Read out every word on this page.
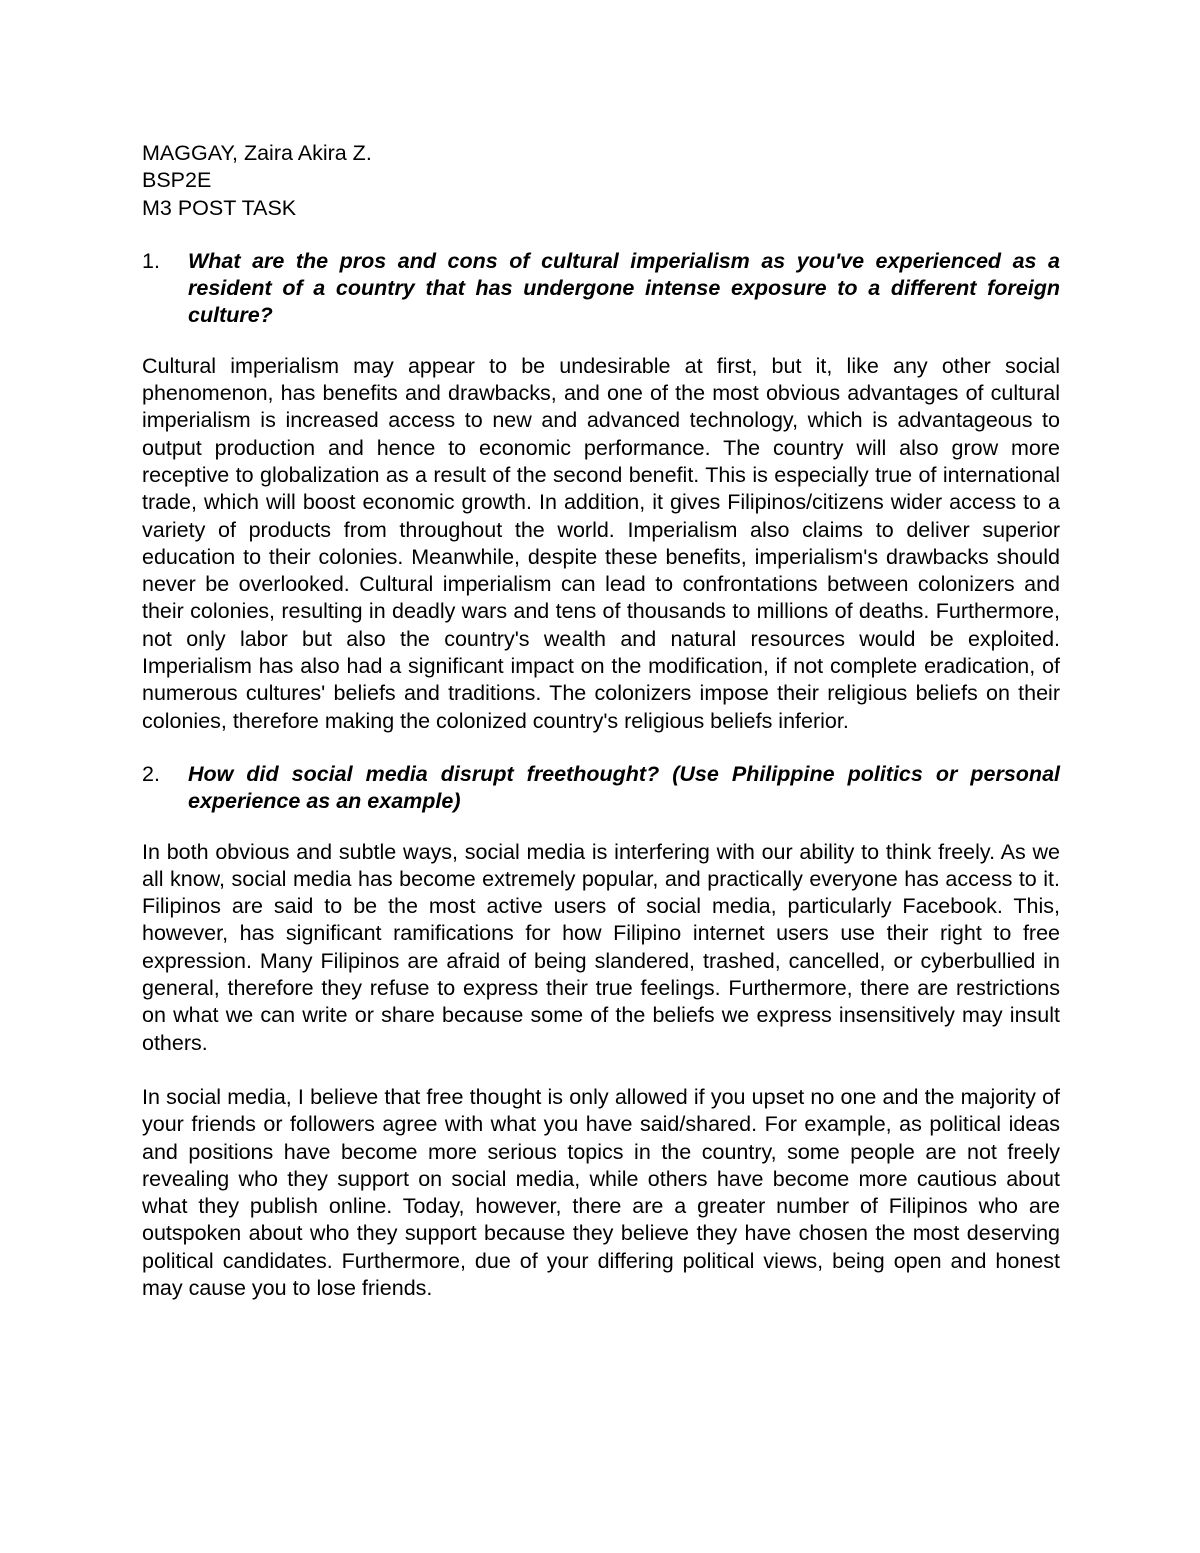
MAGGAY, Zaira Akira Z.

BSP2E

M3 POST TASK

1. What are the pros and cons of cultural imperialism as you've experienced as a resident of a country that has undergone intense exposure to a different foreign culture?

Cultural imperialism may appear to be undesirable at first, but it, like any other social phenomenon, has benefits and drawbacks, and one of the most obvious advantages of cultural imperialism is increased access to new and advanced technology, which is advantageous to output production and hence to economic performance. The country will also grow more receptive to globalization as a result of the second benefit. This is especially true of international trade, which will boost economic growth. In addition, it gives Filipinos/citizens wider access to a variety of products from throughout the world. Imperialism also claims to deliver superior education to their colonies. Meanwhile, despite these benefits, imperialism's drawbacks should never be overlooked. Cultural imperialism can lead to confrontations between colonizers and their colonies, resulting in deadly wars and tens of thousands to millions of deaths. Furthermore, not only labor but also the country's wealth and natural resources would be exploited. Imperialism has also had a significant impact on the modification, if not complete eradication, of numerous cultures' beliefs and traditions. The colonizers impose their religious beliefs on their colonies, therefore making the colonized country's religious beliefs inferior.

2. How did social media disrupt freethought? (Use Philippine politics or personal experience as an example)

In both obvious and subtle ways, social media is interfering with our ability to think freely. As we all know, social media has become extremely popular, and practically everyone has access to it. Filipinos are said to be the most active users of social media, particularly Facebook. This, however, has significant ramifications for how Filipino internet users use their right to free expression. Many Filipinos are afraid of being slandered, trashed, cancelled, or cyberbullied in general, therefore they refuse to express their true feelings. Furthermore, there are restrictions on what we can write or share because some of the beliefs we express insensitively may insult others.

In social media, I believe that free thought is only allowed if you upset no one and the majority of your friends or followers agree with what you have said/shared. For example, as political ideas and positions have become more serious topics in the country, some people are not freely revealing who they support on social media, while others have become more cautious about what they publish online. Today, however, there are a greater number of Filipinos who are outspoken about who they support because they believe they have chosen the most deserving political candidates. Furthermore, due of your differing political views, being open and honest may cause you to lose friends.
